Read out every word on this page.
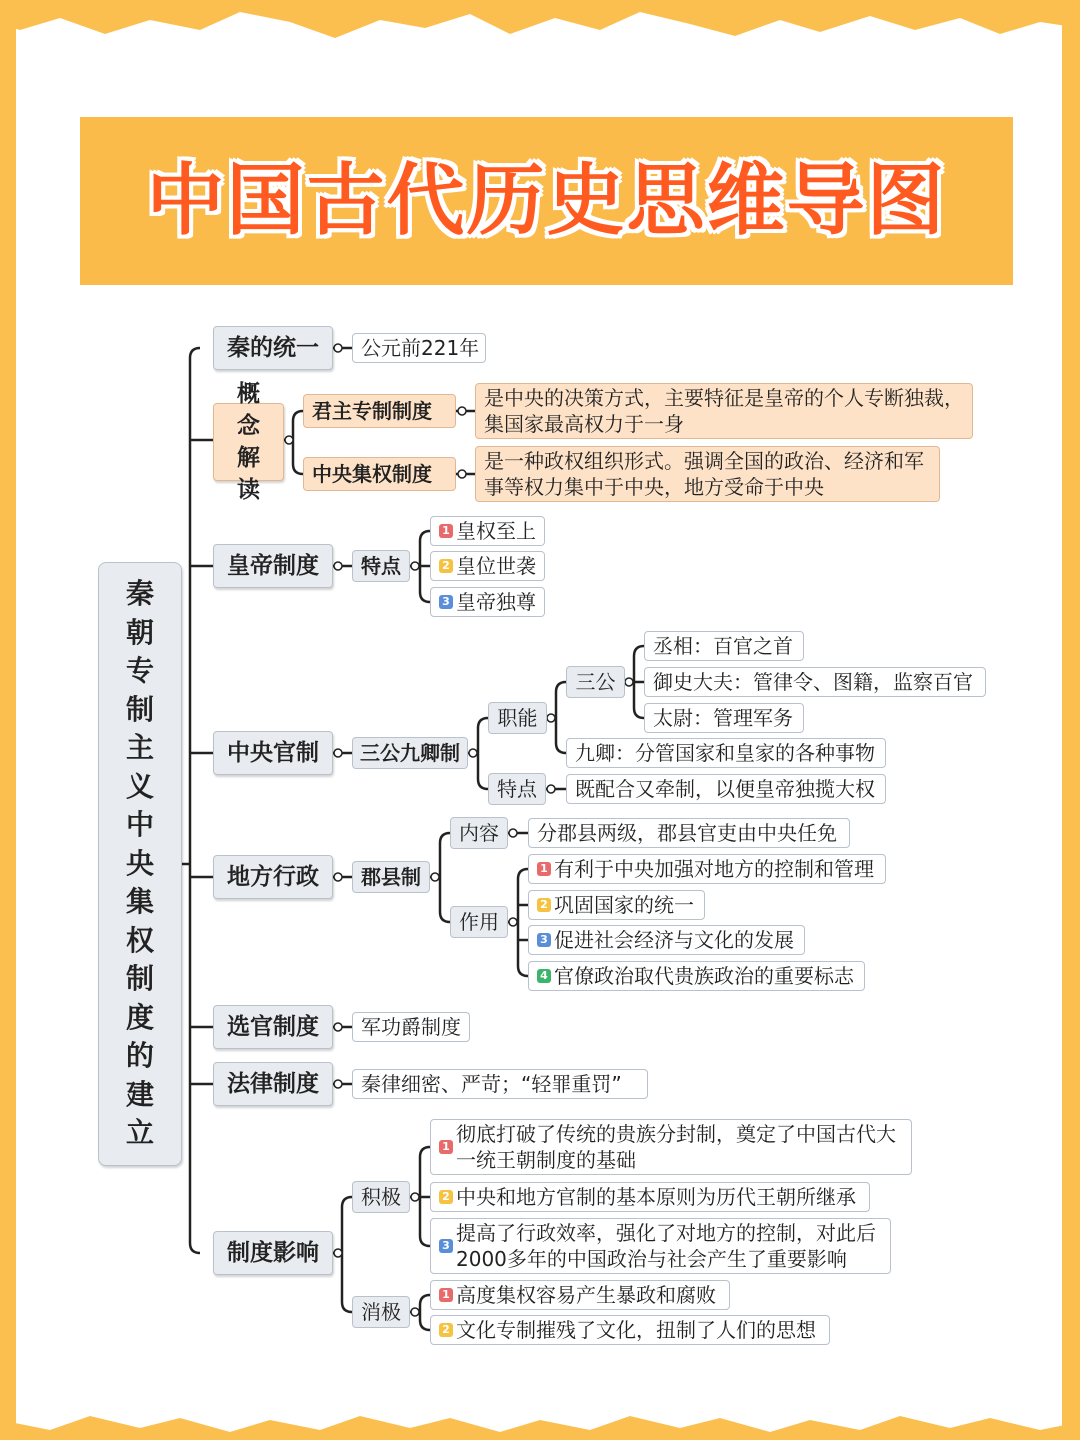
中国古代历史思维导图
秦
朝
专
制
主
义
中
央
集
权
制
度
的
建
立
秦的统一	公元前221年
概念解读
君主专制制度
是中央的决策方式，主要特征是皇帝的个人专断独裁，集国家最高权力于一身
中央集权制度
是一种政权组织形式。强调全国的政治、经济和军事等权力集中于中央，地方受命于中央
皇帝制度	特点
1 皇权至上
2 皇位世袭
3 皇帝独尊
中央官制	三公九卿制
职能
三公
丞相：百官之首
御史大夫：管律令、图籍，监察百官
太尉：管理军务
九卿：分管国家和皇家的各种事物
特点	既配合又牵制，以便皇帝独揽大权
地方行政	郡县制
内容	分郡县两级，郡县官吏由中央任免
作用
1 有利于中央加强对地方的控制和管理
2 巩固国家的统一
3 促进社会经济与文化的发展
4 官僚政治取代贵族政治的重要标志
选官制度	军功爵制度
法律制度	秦律细密、严苛；“轻罪重罚”
制度影响
积极
1
彻底打破了传统的贵族分封制，奠定了中国古代大一统王朝制度的基础
2 中央和地方官制的基本原则为历代王朝所继承
3
提高了行政效率，强化了对地方的控制，对此后2000多年的中国政治与社会产生了重要影响
消极
1 高度集权容易产生暴政和腐败
2 文化专制摧残了文化，扭制了人们的思想
